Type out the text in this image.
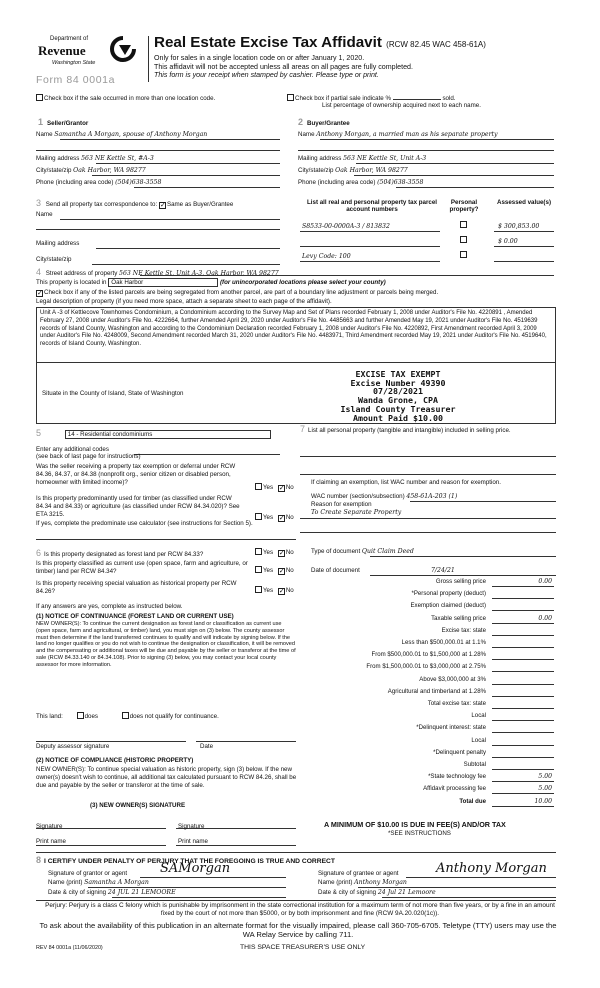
Department of
Revenue
Washington State
Form 84 0001a
Real Estate Excise Tax Affidavit (RCW 82.45 WAC 458-61A)
Only for sales in a single location code on or after January 1, 2020.
This affidavit will not be accepted unless all areas on all pages are fully completed.
This form is your receipt when stamped by cashier. Please type or print.
Check box if the sale occurred in more than one location code.	Check box if partial sale indicate %	sold.
List percentage of ownership acquired next to each name.
1 Seller/Grantor	2 Buyer/Grantee
Name Samantha A Morgan, spouse of Anthony Morgan	Name Anthony Morgan, a married man as his separate property
Mailing address 563 NE Kettle St, #A-3
City/state/zip Oak Harbor, WA 98277
Phone (including area code) (504)638-3558
Mailing address 563 NE Kettle St, Unit A-3
City/state/zip Oak Harbor, WA 98277
Phone (including area code) (504)638-3558
3 Send all property tax correspondence to: ✓ Same as Buyer/Grantee
Name
Mailing address
City/state/zip
List all real and personal property tax parcel account numbers
Personal property?
Assessed value(s)
S8533-00-0000A-3 / 813832	$ 300,853.00
$ 0.00
Levy Code: 100
4 Street address of property 563 NE Kettle St, Unit A-3, Oak Harbor, WA 98277
This property is located in Oak Harbor	(for unincorporated locations please select your county)
✓Check box if any of the listed parcels are being segregated from another parcel, are part of a boundary line adjustment or parcels being merged.
Legal description of property (if you need more space, attach a separate sheet to each page of the affidavit).
Unit A -3 of Kettlecove Townhomes Condominium, a Condominium according to the Survey Map and Set of Plans recorded February 1, 2008 under Auditor's File No. 4220891 , Amended February 27, 2008 under Auditor's File No. 4222664, further Amended April 29, 2020 under Auditor's File No. 4485663 and further Amended May 19, 2021 under Auditor's File No. 4519639 records of Island County, Washington and according to the Condominium Declaration recorded February 1, 2008 under Auditor's File No. 4220892, First Amendment recorded April 3, 2009 under Auditor's File No. 4248009, Second Amendment recorded March 31, 2020 under Auditor's File No. 4483971, Third Amendment recorded May 19, 2021 under Auditor's File No. 4519640, records of Island County, Washington.
Situate in the County of Island, State of Washington
EXCISE TAX EXEMPT
Excise Number 49390
07/28/2021
Wanda Grone, CPA
Island County Treasurer
Amount Paid $10.00
5	14 - Residential condominiums
7 List all personal property (tangible and intangible) included in selling price.
Enter any additional codes
(see back of last page for instructions)
Was the seller receiving a property tax exemption or deferral under RCW 84.36, 84.37, or 84.38 (nonprofit org., senior citizen or disabled person, homeowner with limited income)?
Yes ✓ No
Is this property predominantly used for timber (as classified under RCW 84.34 and 84.33) or agriculture (as classified under RCW 84.34.020)? See ETA 3215.	Yes ✓ No
If yes, complete the predominate use calculator (see instructions for Section 5).
If claiming an exemption, list WAC number and reason for exemption.
WAC number (section/subsection) 458-61A-203 (1)
Reason for exemption
To Create Separate Property
6 Is this property designated as forest land per RCW 84.33?	Yes ✓ No
Is this property classified as current use (open space, farm and agriculture, or timber) land per RCW 84.34?	Yes ✓ No
Is this property receiving special valuation as historical property per RCW 84.26?	Yes ✓ No
If any answers are yes, complete as instructed below.
(1) NOTICE OF CONTINUANCE (FOREST LAND OR CURRENT USE)
NEW OWNER(S): To continue the current designation as forest land or classification as current use (open space, farm and agricultural, or timber) land, you must sign on (3) below. The county assessor must then determine if the land transferred continues to qualify and will indicate by signing below. If the land no longer qualifies or you do not wish to continue the designation or classification, it will be removed and the compensating or additional taxes will be due and payable by the seller or transferor at the time of sale (RCW 84.33.140 or 84.34.108). Prior to signing (3) below, you may contact your local county assessor for more information.
This land:	does	does not qualify for continuance.
Deputy assessor signature	Date
(2) NOTICE OF COMPLIANCE (HISTORIC PROPERTY)
NEW OWNER(S): To continue special valuation as historic property, sign (3) below. If the new owner(s) doesn't wish to continue, all additional tax calculated pursuant to RCW 84.26, shall be due and payable by the seller or transferor at the time of sale.
(3) NEW OWNER(S) SIGNATURE
Signature	Signature
Print name	Print name
Type of document Quit Claim Deed
Date of document	7/24/21
Gross selling price	0.00
*Personal property (deduct)
Exemption claimed (deduct)
Taxable selling price	0.00
Excise tax: state
Less than $500,000.01 at 1.1%
From $500,000.01 to $1,500,000 at 1.28%
From $1,500,000.01 to $3,000,000 at 2.75%
Above $3,000,000 at 3%
Agricultural and timberland at 1.28%
Total excise tax: state
Local
*Delinquent interest: state
Local
*Delinquent penalty
Subtotal
*State technology fee	5.00
Affidavit processing fee	5.00
Total due	10.00
A MINIMUM OF $10.00 IS DUE IN FEE(S) AND/OR TAX
*SEE INSTRUCTIONS
8 I CERTIFY UNDER PENALTY OF PERJURY THAT THE FOREGOING IS TRUE AND CORRECT
Signature of grantor or agent	SAMorgan
Name (print) Samantha A Morgan
Date & city of signing 24 JUL 21 LEMOORE
Signature of grantee or agent	Anthony Morgan
Name (print) Anthony Morgan
Date & city of signing 24 Jul 21 Lemoore
Perjury: Perjury is a class C felony which is punishable by imprisonment in the state correctional institution for a maximum term of not more than five years, or by a fine in an amount fixed by the court of not more than $5000, or by both imprisonment and fine (RCW 9A.20.020(1c)).
To ask about the availability of this publication in an alternate format for the visually impaired, please call 360-705-6705. Teletype (TTY) users may use the WA Relay Service by calling 711.
REV 84 0001a (11/06/2020)	THIS SPACE TREASURER'S USE ONLY
